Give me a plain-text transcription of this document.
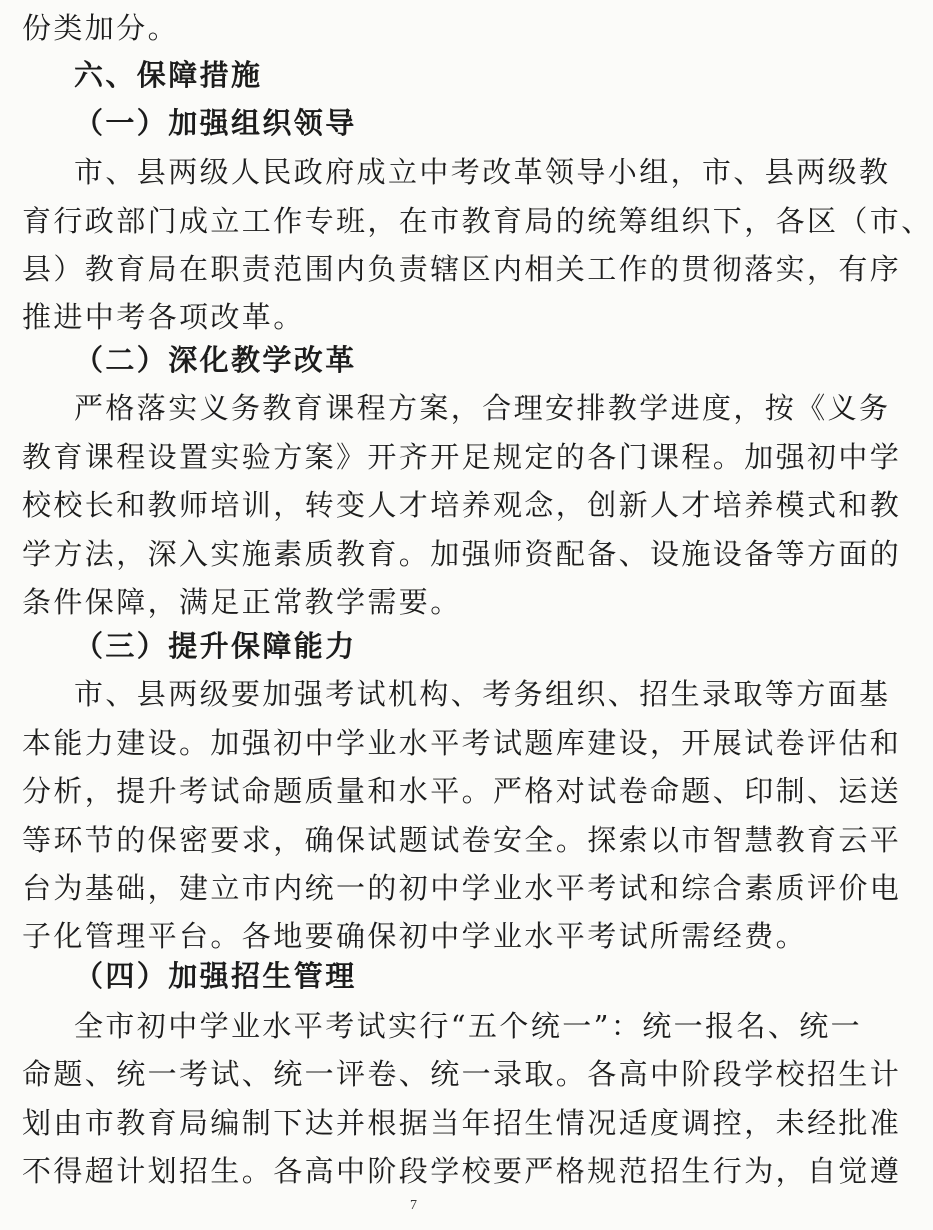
份类加分。
六、保障措施
（一）加强组织领导
市、县两级人民政府成立中考改革领导小组，市、县两级教
育行政部门成立工作专班，在市教育局的统筹组织下，各区（市、
县）教育局在职责范围内负责辖区内相关工作的贯彻落实，有序
推进中考各项改革。
（二）深化教学改革
严格落实义务教育课程方案，合理安排教学进度，按《义务
教育课程设置实验方案》开齐开足规定的各门课程。加强初中学
校校长和教师培训，转变人才培养观念，创新人才培养模式和教
学方法，深入实施素质教育。加强师资配备、设施设备等方面的
条件保障，满足正常教学需要。
（三）提升保障能力
市、县两级要加强考试机构、考务组织、招生录取等方面基
本能力建设。加强初中学业水平考试题库建设，开展试卷评估和
分析，提升考试命题质量和水平。严格对试卷命题、印制、运送
等环节的保密要求，确保试题试卷安全。探索以市智慧教育云平
台为基础，建立市内统一的初中学业水平考试和综合素质评价电
子化管理平台。各地要确保初中学业水平考试所需经费。
（四）加强招生管理
全市初中学业水平考试实行“五个统一”：统一报名、统一
命题、统一考试、统一评卷、统一录取。各高中阶段学校招生计
划由市教育局编制下达并根据当年招生情况适度调控，未经批准
不得超计划招生。各高中阶段学校要严格规范招生行为，自觉遵
7
